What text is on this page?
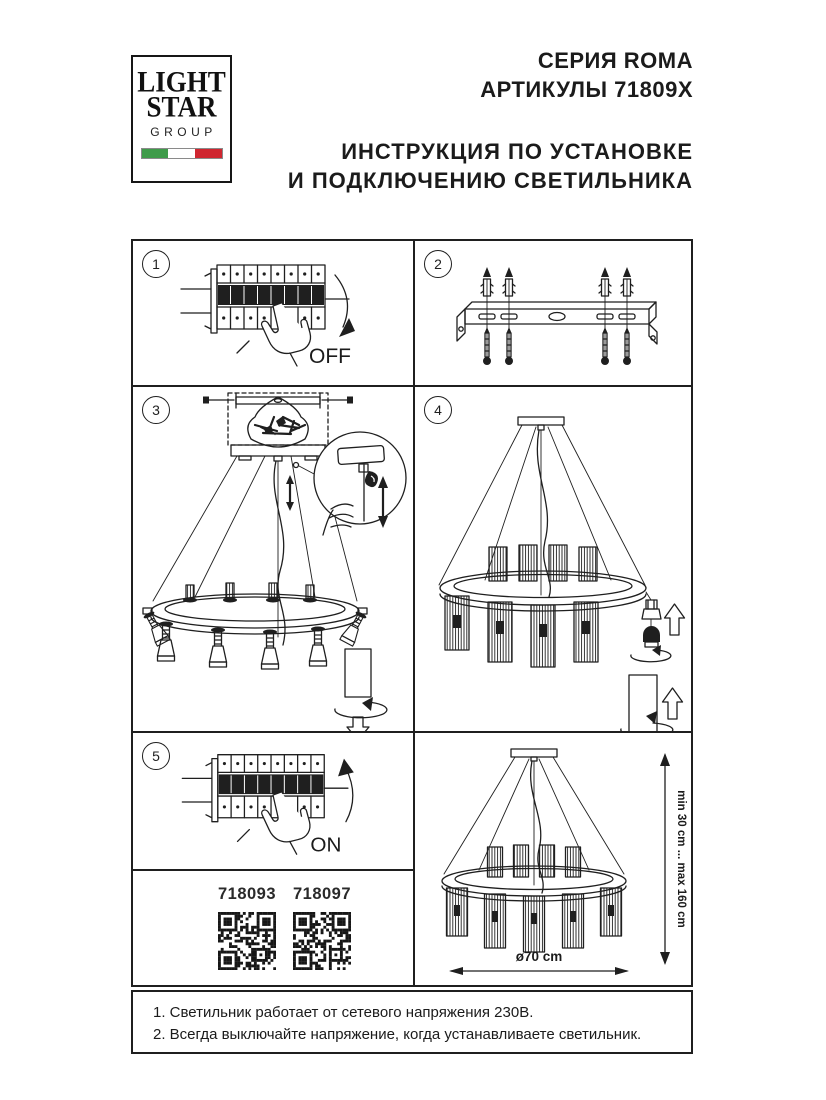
LIGHT
STAR
GROUP
СЕРИЯ ROMA
АРТИКУЛЫ 71809X
ИНСТРУКЦИЯ ПО УСТАНОВКЕ
И ПОДКЛЮЧЕНИЮ СВЕТИЛЬНИКА
1
OFF
2
3	4
5
ON
718093 718097	min 30 cm ... max 160 cm
ø70 cm
1. Светильник работает от сетевого напряжения 230В.
2. Всегда выключайте напряжение, когда устанавливаете светильник.
